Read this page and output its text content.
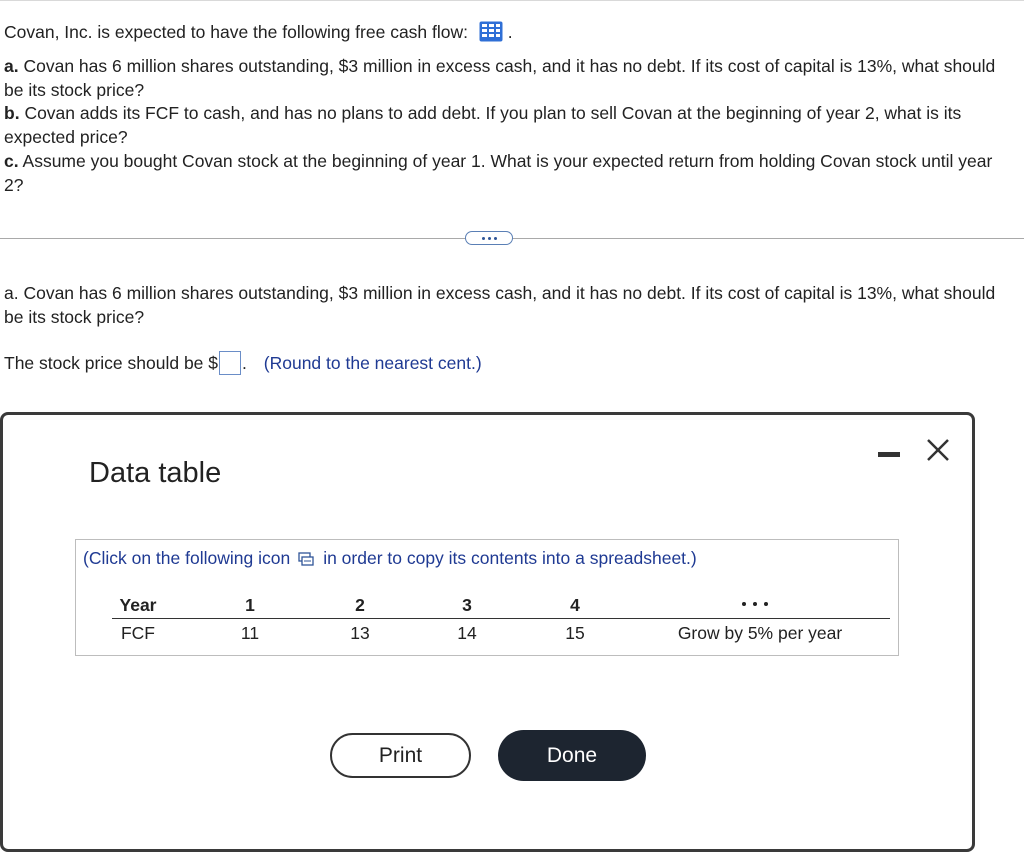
Covan, Inc. is expected to have the following free cash flow: .
a. Covan has 6 million shares outstanding, $3 million in excess cash, and it has no debt. If its cost of capital is 13%, what should be its stock price?
b. Covan adds its FCF to cash, and has no plans to add debt. If you plan to sell Covan at the beginning of year 2, what is its expected price?
c. Assume you bought Covan stock at the beginning of year 1. What is your expected return from holding Covan stock until year 2?
a. Covan has 6 million shares outstanding, $3 million in excess cash, and it has no debt. If its cost of capital is 13%, what should be its stock price?
The stock price should be $ . (Round to the nearest cent.)
Data table
(Click on the following icon in order to copy its contents into a spreadsheet.)
Year	1	2	3	4
FCF	11	13	14	15	Grow by 5% per year
Print	Done
